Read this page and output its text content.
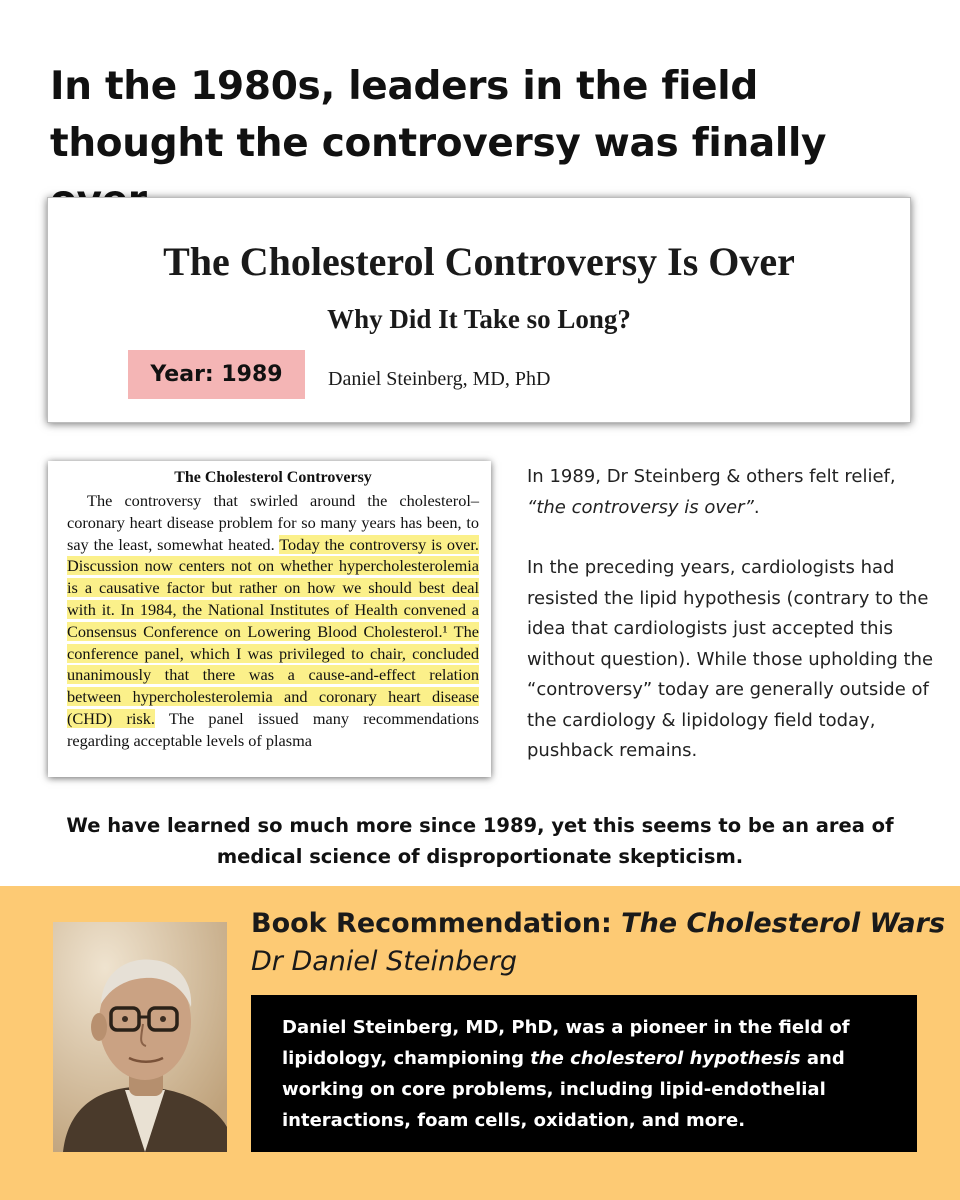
In the 1980s, leaders in the field thought the controversy was finally
The Cholesterol Controversy Is Over
Why Did It Take so Long?
Year: 1989	Daniel Steinberg, MD, PhD
The Cholesterol Controversy

The controversy that swirled around the cholesterol–coronary heart disease problem for so many years has been, to say the least, somewhat heated. Today the controversy is over. Discussion now centers not on whether hypercholesterolemia is a causative factor but rather on how we should best deal with it. In 1984, the National Institutes of Health convened a Consensus Conference on Lowering Blood Cholesterol.¹ The conference panel, which I was privileged to chair, concluded unanimously that there was a cause-and-effect relation between hypercholesterolemia and coronary heart disease (CHD) risk. The panel issued many recommendations regarding acceptable levels of plasma

In 1989, Dr Steinberg & others felt relief, “the controversy is over”.

In the preceding years, cardiologists had resisted the lipid hypothesis (contrary to the idea that cardiologists just accepted this without question). While those upholding the “controversy” today are generally outside of the cardiology & lipidology field today, pushback remains.

We have learned so much more since 1989, yet this seems to be an area of medical science of disproportionate skepticism.
Book Recommendation: The Cholesterol Wars
Dr Daniel Steinberg

Daniel Steinberg, MD, PhD, was a pioneer in the field of lipidology, championing the cholesterol hypothesis and working on core problems, including lipid-endothelial interactions, foam cells, oxidation, and more.
